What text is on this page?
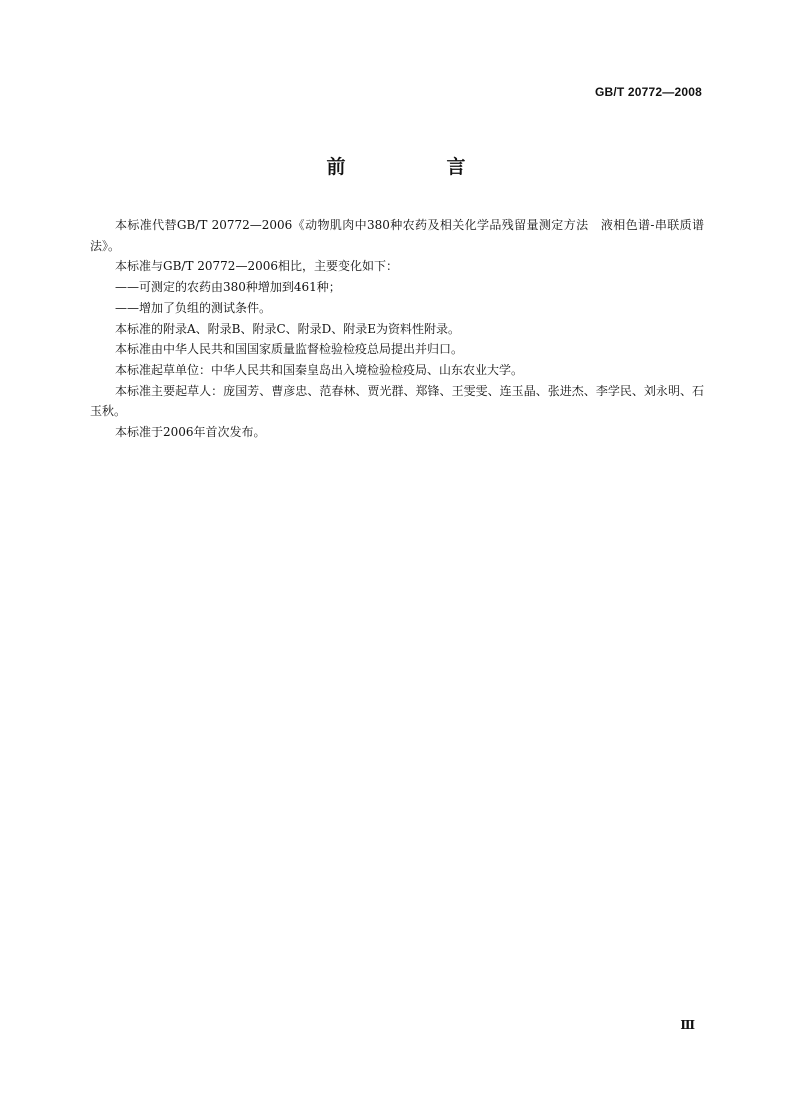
GB/T 20772—2008
前　言

本标准代替GB/T 20772—2006《动物肌肉中380种农药及相关化学品残留量测定方法　液相色谱-串联质谱法》。

本标准与GB/T 20772—2006相比，主要变化如下：

——可测定的农药由380种增加到461种；

——增加了负组的测试条件。

本标准的附录A、附录B、附录C、附录D、附录E为资料性附录。

本标准由中华人民共和国国家质量监督检验检疫总局提出并归口。

本标准起草单位：中华人民共和国秦皇岛出入境检验检疫局、山东农业大学。

本标准主要起草人：庞国芳、曹彦忠、范春林、贾光群、郑锋、王雯雯、连玉晶、张进杰、李学民、刘永明、石玉秋。

本标准于2006年首次发布。

Ⅲ
